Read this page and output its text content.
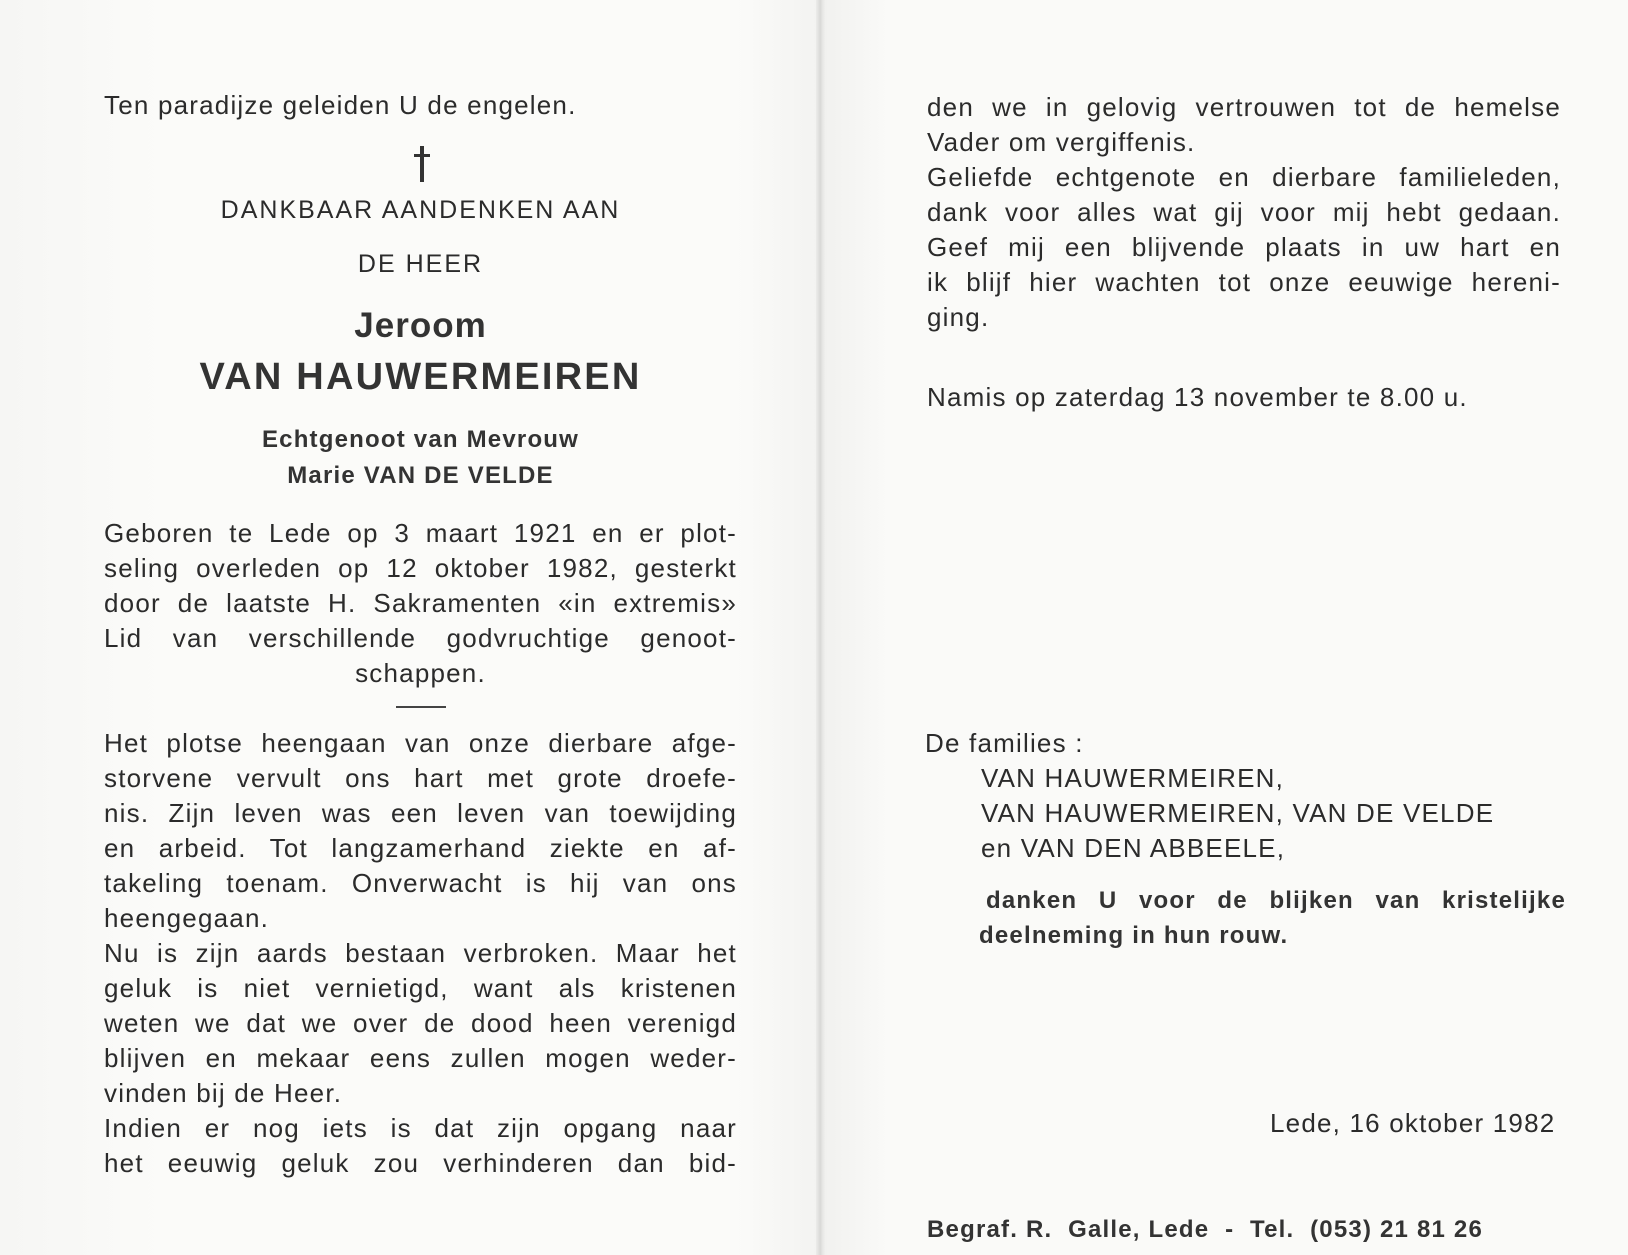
Ten paradijze geleiden U de engelen.
DANKBAAR AANDENKEN AAN
DE HEER
Jeroom
VAN HAUWERMEIREN
Echtgenoot van Mevrouw
Marie VAN DE VELDE
Geboren te Lede op 3 maart 1921 en er plot-
seling overleden op 12 oktober 1982, gesterkt
door de laatste H. Sakramenten «in extremis»
Lid van verschillende godvruchtige genoot-
schappen.
Het plotse heengaan van onze dierbare afge-
storvene vervult ons hart met grote droefe-
nis. Zijn leven was een leven van toewijding
en arbeid. Tot langzamerhand ziekte en af-
takeling toenam. Onverwacht is hij van ons
heengegaan.
Nu is zijn aards bestaan verbroken. Maar het
geluk is niet vernietigd, want als kristenen
weten we dat we over de dood heen verenigd
blijven en mekaar eens zullen mogen weder-
vinden bij de Heer.
Indien er nog iets is dat zijn opgang naar
het eeuwig geluk zou verhinderen dan bid-
den we in gelovig vertrouwen tot de hemelse
Vader om vergiffenis.
Geliefde echtgenote en dierbare familieleden,
dank voor alles wat gij voor mij hebt gedaan.
Geef mij een blijvende plaats in uw hart en
ik blijf hier wachten tot onze eeuwige hereni-
ging.
Namis op zaterdag 13 november te 8.00 u.
De families :
VAN HAUWERMEIREN,
VAN HAUWERMEIREN, VAN DE VELDE
en VAN DEN ABBEELE,
danken U voor de blijken van kristelijke
deelneming in hun rouw.
Lede, 16 oktober 1982
Begraf. R.  Galle, Lede  -  Tel.  (053) 21 81 26
